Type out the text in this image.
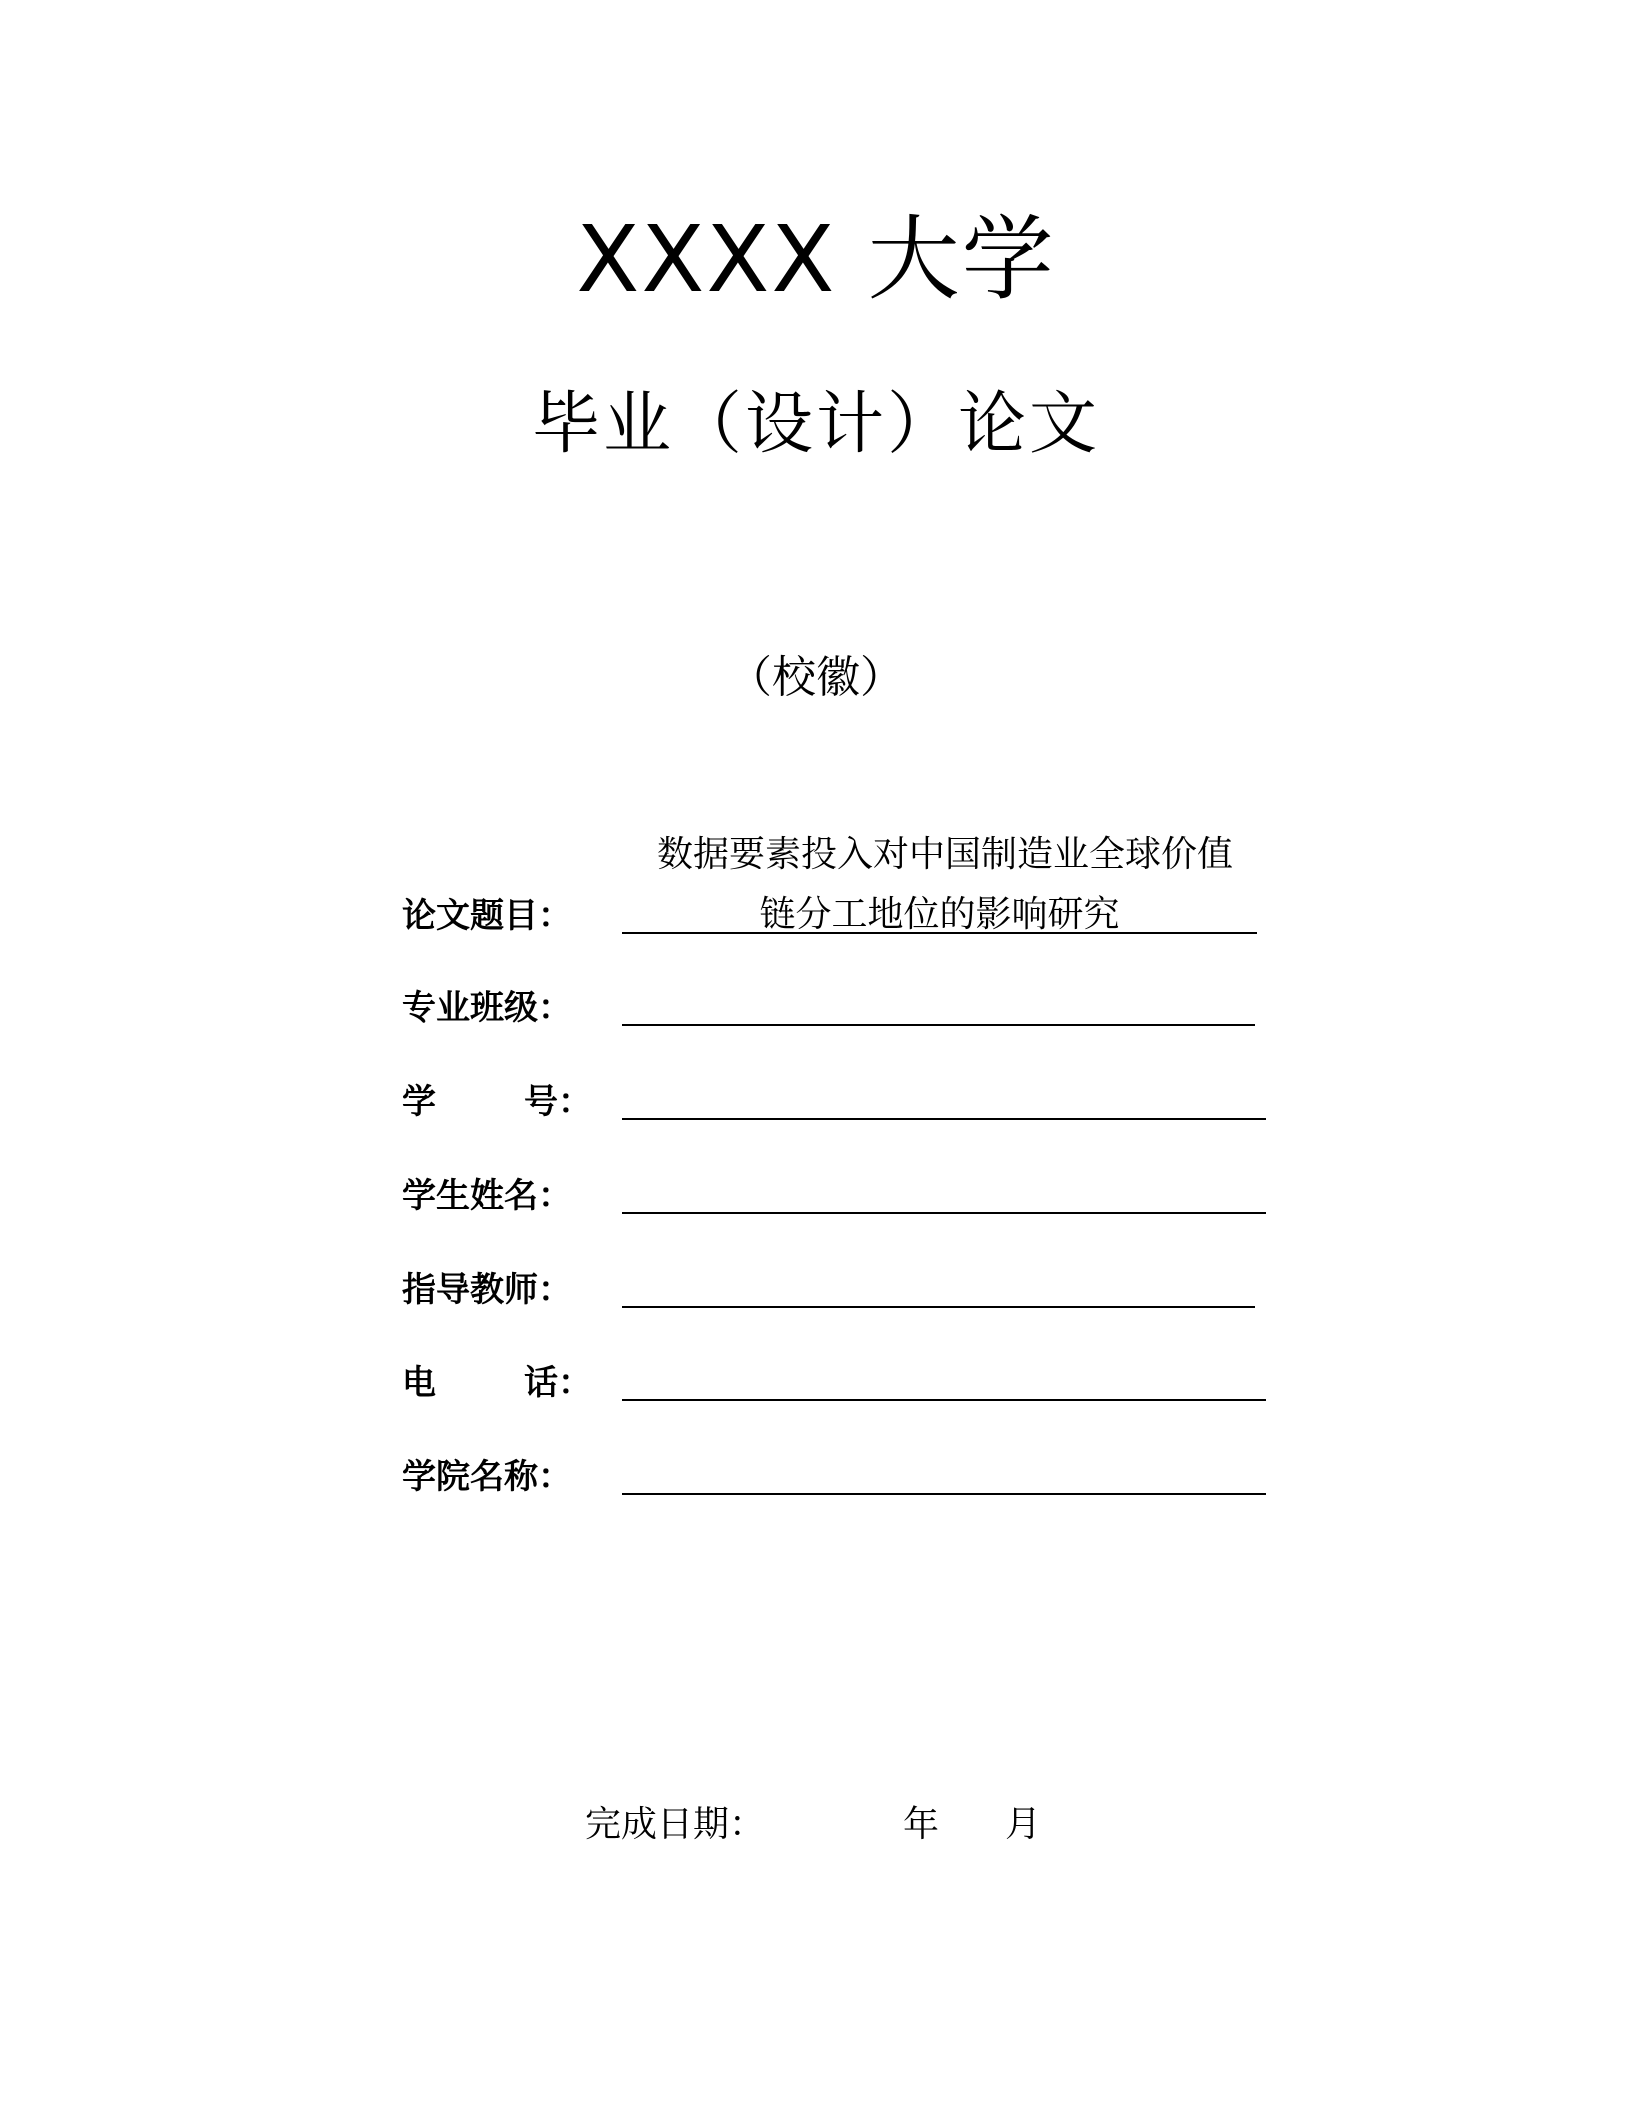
XXXX 大学
毕业（设计）论文
（校徽）
数据要素投入对中国制造业全球价值
论文题目：	链分工地位的影响研究
专业班级：
学	号：
学生姓名：
指导教师：
电	话：
学院名称：
完成日期：	年 月
